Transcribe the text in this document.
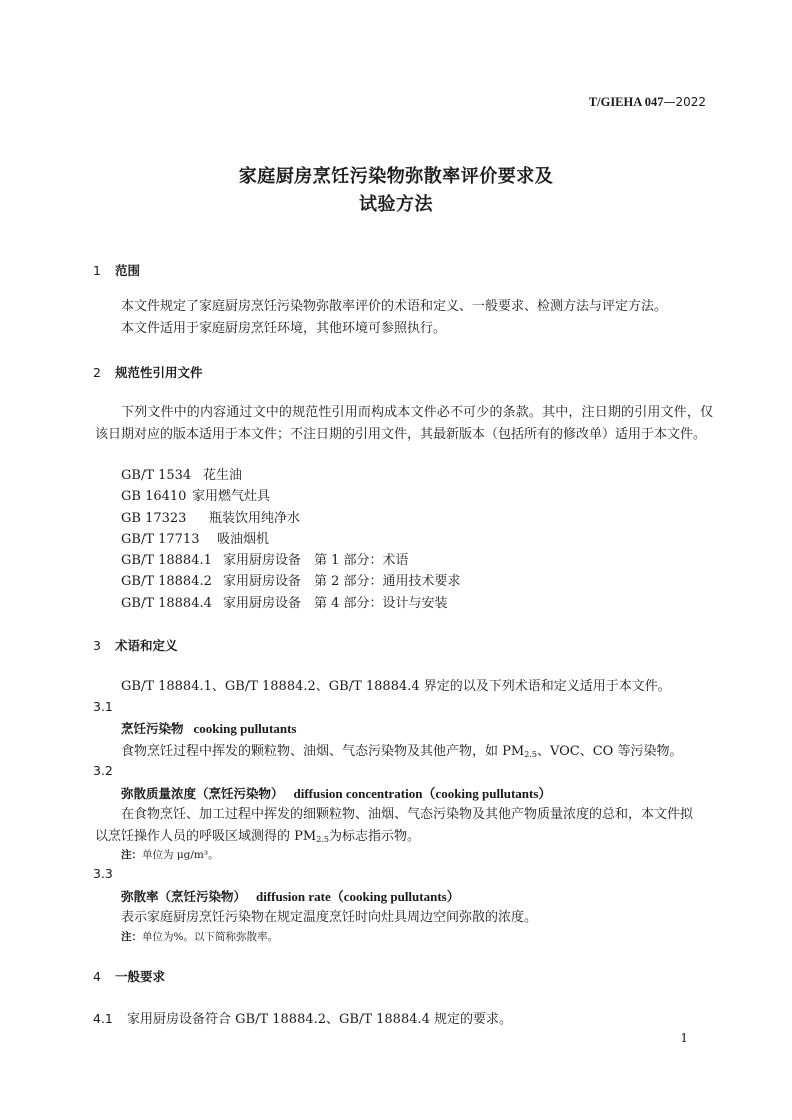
T/GIEHA 047—2022
家庭厨房烹饪污染物弥散率评价要求及
试验方法
1 范围
本文件规定了家庭厨房烹饪污染物弥散率评价的术语和定义、一般要求、检测方法与评定方法。
本文件适用于家庭厨房烹饪环境，其他环境可参照执行。
2 规范性引用文件
下列文件中的内容通过文中的规范性引用而构成本文件必不可少的条款。其中，注日期的引用文件，仅该日期对应的版本适用于本文件；不注日期的引用文件，其最新版本（包括所有的修改单）适用于本文件。
GB/T 1534 花生油
GB 16410 家用燃气灶具
GB 17323 瓶装饮用纯净水
GB/T 17713 吸油烟机
GB/T 18884.1 家用厨房设备　第 1 部分：术语
GB/T 18884.2 家用厨房设备　第 2 部分：通用技术要求
GB/T 18884.4 家用厨房设备　第 4 部分：设计与安装
3 术语和定义
GB/T 18884.1、GB/T 18884.2、GB/T 18884.4 界定的以及下列术语和定义适用于本文件。
3.1
烹饪污染物 cooking pullutants
食物烹饪过程中挥发的颗粒物、油烟、气态污染物及其他产物，如 $PM_{2.5}$、VOC、CO 等污染物。
3.2
弥散质量浓度（烹饪污染物） diffusion concentration（cooking pullutants）
在食物烹饪、加工过程中挥发的细颗粒物、油烟、气态污染物及其他产物质量浓度的总和，本文件拟
以烹饪操作人员的呼吸区域测得的 $PM_{2.5}$为标志指示物。
注：单位为 μg/m³。
3.3
弥散率（烹饪污染物） diffusion rate（cooking pullutants）
表示家庭厨房烹饪污染物在规定温度烹饪时向灶具周边空间弥散的浓度。
注：单位为%。以下简称弥散率。
4 一般要求
4.1 家用厨房设备符合 GB/T 18884.2、GB/T 18884.4 规定的要求。
1
